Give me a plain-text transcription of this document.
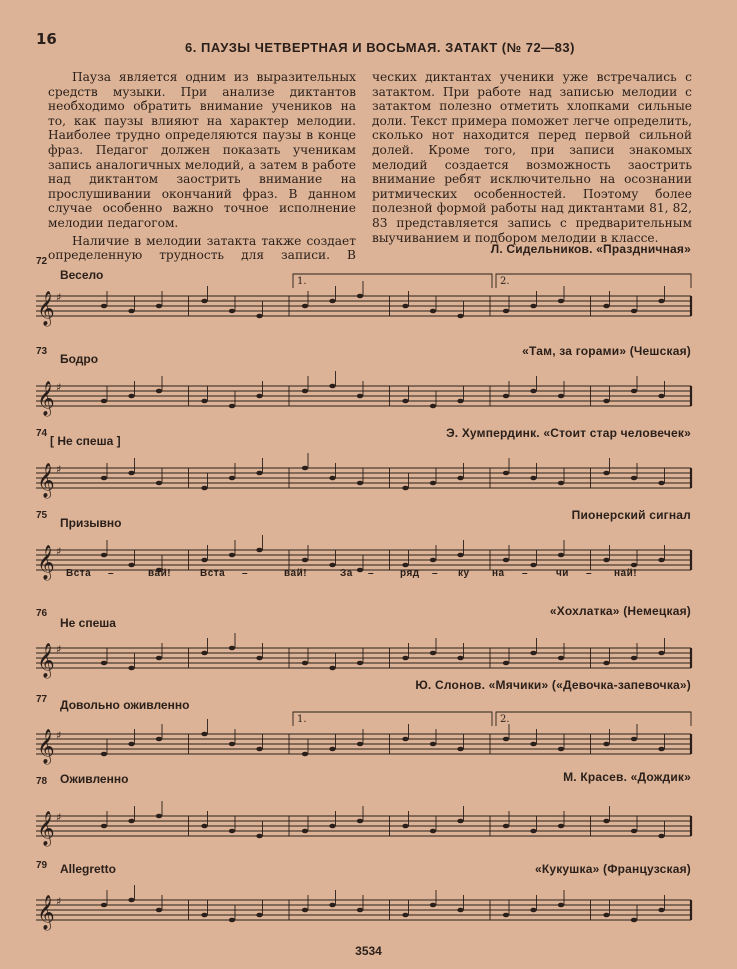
16	6. ПАУЗЫ ЧЕТВЕРТНАЯ И ВОСЬМАЯ. ЗАТАКТ (№ 72—83)

Пауза является одним из выразительных средств музыки. При анализе диктантов необходимо обратить внимание учеников на то, как паузы влияют на характер мелодии. Наиболее трудно определяются паузы в конце фраз. Педагог должен показать ученикам запись аналогичных мелодий, а затем в работе над диктантом заострить внимание на прослушивании окончаний фраз. В данном случае особенно важно точное исполнение мелодии педагогом.

Наличие в мелодии затакта также создает определенную трудность для записи. В

ческих диктантах ученики уже встречались с затактом. При работе над записью мелодии с затактом полезно отметить хлопками сильные доли. Текст примера поможет легче определить, сколько нот находится перед первой сильной долей. Кроме того, при записи знакомых мелодий создается возможность заострить внимание ребят исключительно на осознании ритмических особенностей. Поэтому более полезной формой работы над диктантами 81, 82, 83 представляется запись с предварительным выучиванием и подбором мелодии в классе.

72
Весело
Л. Сидельников. «Праздничная»
𝄞 ♯
1.	2.
73
Бодро
«Там, за горами» (Чешская)
𝄞 ♯
74
[ Не спеша ]
Э. Хумпердинк. «Стоит стар человечек»
𝄞 ♯
75
Призывно
Пионерский сигнал
𝄞 ♯
Вста –	вай!	Вста –	вай!	За –	ряд – ку на –	чи – най!
76
Не спеша
«Хохлатка» (Немецкая)
𝄞 ♯
77 Довольно оживленно
Ю. Слонов. «Мячики» («Девочка-запевочка»)
𝄞 ♯
1.	2.
78 Оживленно	М. Красев. «Дождик»
𝄞 ♯
79 Allegretto	«Кукушка» (Французская)
𝄞 ♯
3534
